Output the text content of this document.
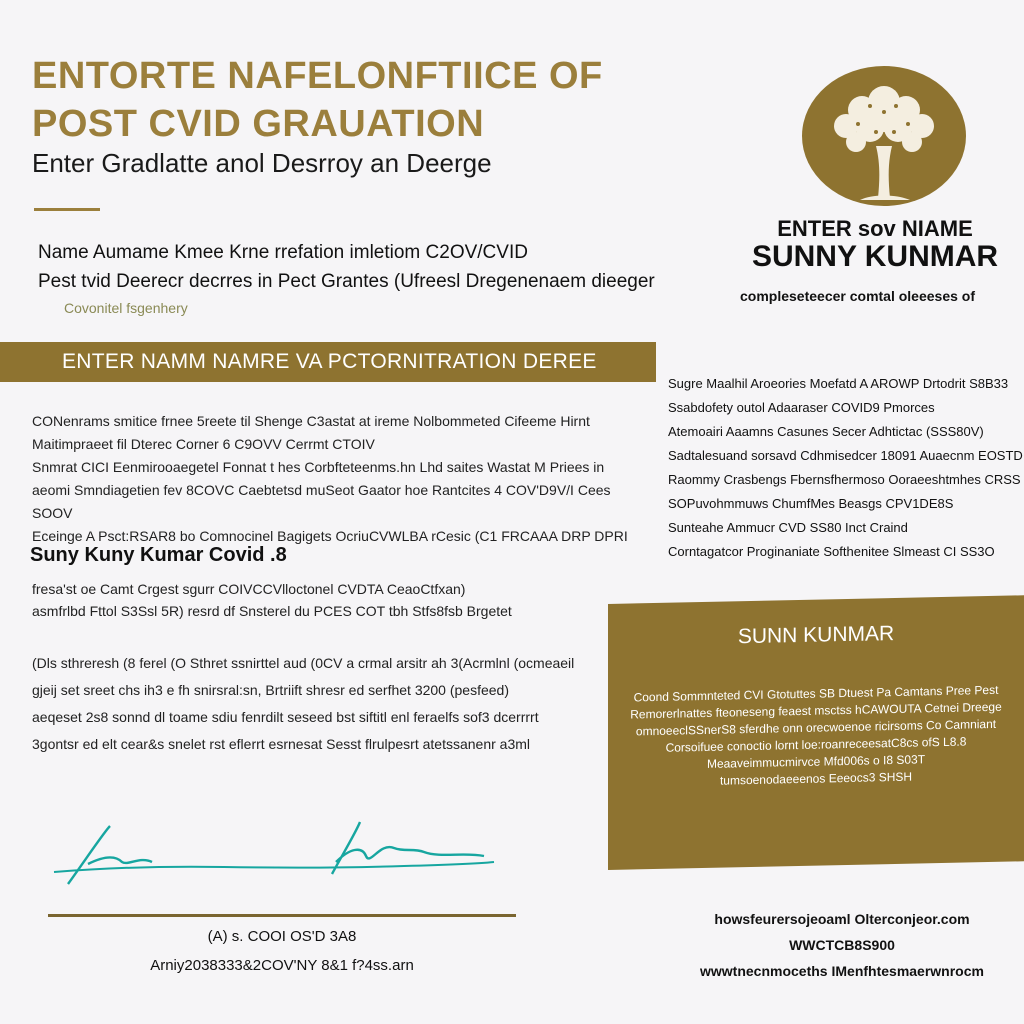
ENTORTE NAFELONFTIICE OF
POST CVID GRAUATION

Enter Gradlatte anol Desrroy an Deerge

Name Aumame Kmee Krne rrefation imletiom C2OV/CVID
Pest tvid Deerecr decrres in Pect Grantes (Ufreesl Dregenenaem dieeger
Covonitel fsgenhery
ENTER NAMM NAMRE VA PCTORNITRATION DEREE
CONenrams smitice frnee 5reete til Shenge C3astat at ireme Nolbommeted Cifeeme Hirnt
Maitimpraeet fil Dterec Corner 6 C9OVV Cerrmt CTOIV
Snmrat CICI Eenmirooaegetel Fonnat t hes Corbfteteenms.hn Lhd saites Wastat M Priees in
aeomi Smndiagetien fev 8COVC Caebtetsd muSeot Gaator hoe Rantcites 4 COV'D9V/I Cees SOOV
Eceinge A Psct:RSAR8 bo Comnocinel Bagigets OcriuCVWLBA rCesic (C1 FRCAAA DRP DPRI
Suny Kuny Kumar Covid .8
fresa'st oe Camt Crgest sgurr COIVCCVlloctonel CVDTA CeaoCtfxan)
asmfrlbd Fttol S3Ssl 5R) resrd df Snsterel du PCES COT tbh Stfs8fsb Brgetet
(Dls sthreresh (8 ferel (O Sthret ssnirttel aud (0CV a crmal arsitr ah 3(Acrmlnl (ocmeaeil
gjeij set sreet chs ih3 e fh snirsral:sn, Brtriift shresr ed serfhet 3200 (pesfeed)
aeqeset 2s8 sonnd dl toame sdiu fenrdilt seseed bst siftitl enl feraelfs sof3 dcerrrrt
3gontsr ed elt cear&s snelet rst eflerrt esrnesat Sesst flrulpesrt atetssanenr a3ml
(A) s. COOI OS'D 3A8
Arniy2038333&2COV'NY 8&1 f?4ss.arn
ENTER sov NIAME
SUNNY KUNMAR
compleseteecer comtal oleeeses of
Sugre Maalhil Aroeories Moefatd A AROWP Drtodrit S8B33
Ssabdofety outol Adaaraser COVID9 Pmorces
Atemoairi Aaamns Casunes Secer Adhtictac (SSS80V)
Sadtalesuand sorsavd Cdhmisedcer 18091 Auaecnm EOSTD
Raommy Crasbengs Fbernsfhermoso Ooraeeshtmhes CRSS
SOPuvohmmuws ChumfMes Beasgs CPV1DE8S
Sunteahe Ammucr CVD SS80 Inct Craind
Corntagatcor Proginaniate Softhenitee Slmeast CI SS3O
SUNN KUNMAR
Coond Sommnteted CVI Gtotuttes SB Dtuest Pa Camtans Pree Pest
Remorerlnattes fteoneseng feaest msctss hCAWOUTA Cetnei Dreege
omnoeeclSSnerS8 sferdhe onn orecwoenoe ricirsoms Co Camniant
Corsoifuee conoctio lornt loe:roanreceesatC8cs ofS L8.8
Meaaveimmucmirvce Mfd006s o I8 S03T
tumsoenodaeeenos Eeeocs3 SHSH
howsfeurersojeoaml Olterconjeor.com
WWCTCB8S900
wwwtnecnmoceths IMenfhtesmaerwnrocm
